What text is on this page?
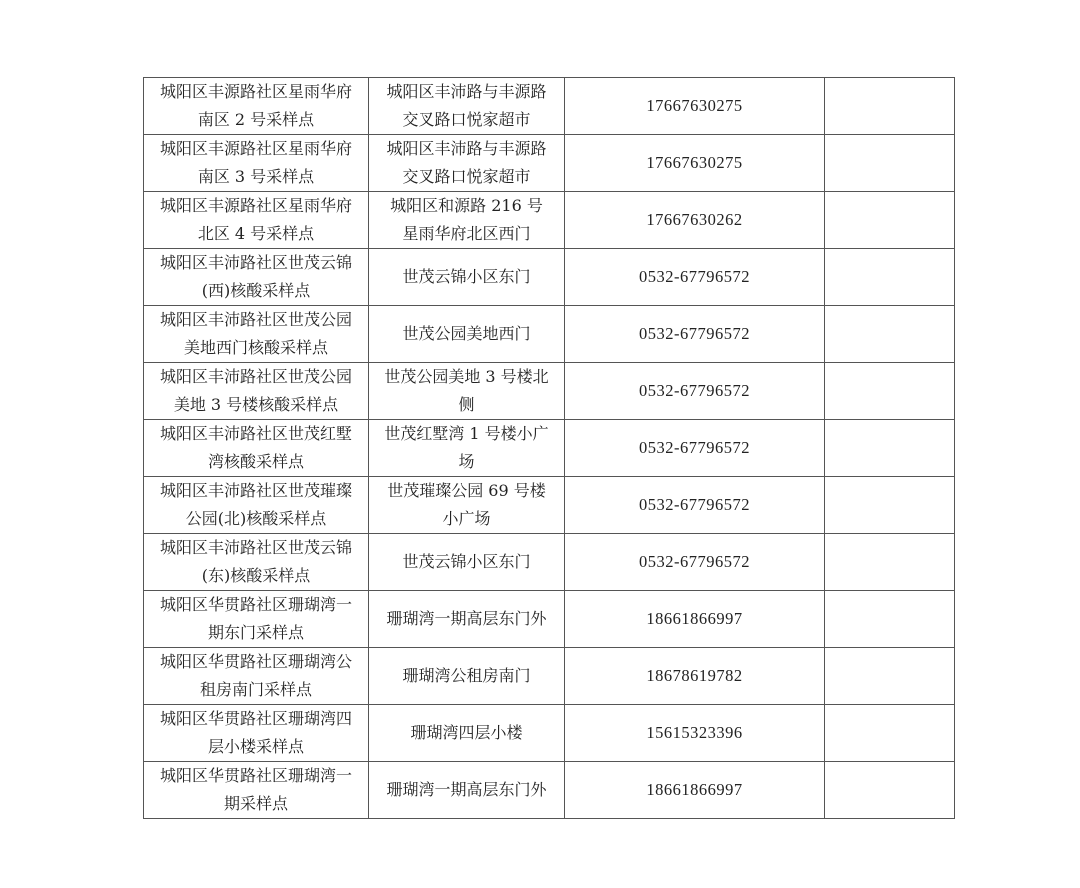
城阳区丰源路社区星雨华府南区 2 号采样点	城阳区丰沛路与丰源路交叉路口悦家超市	17667630275	
城阳区丰源路社区星雨华府南区 3 号采样点	城阳区丰沛路与丰源路交叉路口悦家超市	17667630275	
城阳区丰源路社区星雨华府北区 4 号采样点	城阳区和源路 216 号星雨华府北区西门	17667630262	
城阳区丰沛路社区世茂云锦(西)核酸采样点	世茂云锦小区东门	0532-67796572	
城阳区丰沛路社区世茂公园美地西门核酸采样点	世茂公园美地西门	0532-67796572	
城阳区丰沛路社区世茂公园美地 3 号楼核酸采样点	世茂公园美地 3 号楼北侧	0532-67796572	
城阳区丰沛路社区世茂红墅湾核酸采样点	世茂红墅湾 1 号楼小广场	0532-67796572	
城阳区丰沛路社区世茂璀璨公园(北)核酸采样点	世茂璀璨公园 69 号楼小广场	0532-67796572	
城阳区丰沛路社区世茂云锦(东)核酸采样点	世茂云锦小区东门	0532-67796572	
城阳区华贯路社区珊瑚湾一期东门采样点	珊瑚湾一期高层东门外	18661866997	
城阳区华贯路社区珊瑚湾公租房南门采样点	珊瑚湾公租房南门	18678619782	
城阳区华贯路社区珊瑚湾四层小楼采样点	珊瑚湾四层小楼	15615323396	
城阳区华贯路社区珊瑚湾一期采样点	珊瑚湾一期高层东门外	18661866997	
